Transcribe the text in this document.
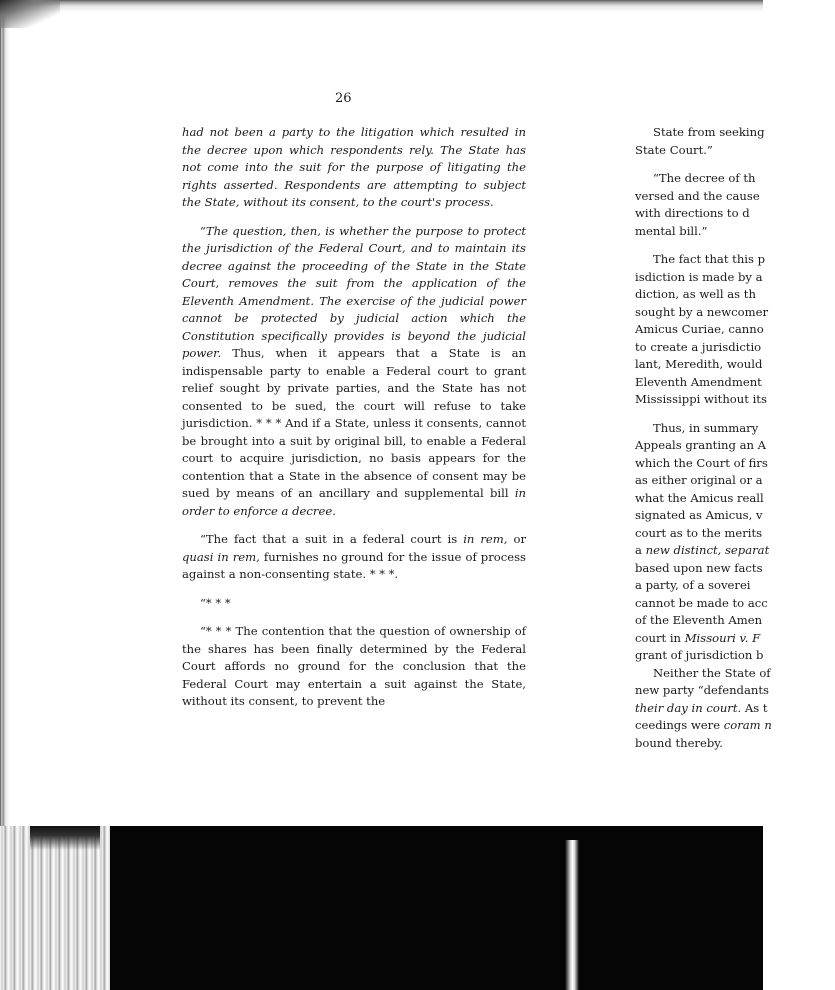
26

had not been a party to the litigation which resulted in the decree upon which respondents rely. The State has not come into the suit for the purpose of litigating the rights asserted. Respondents are attempting to subject the State, without its consent, to the court's process.

“The question, then, is whether the purpose to protect the jurisdiction of the Federal Court, and to maintain its decree against the proceeding of the State in the State Court, removes the suit from the application of the Eleventh Amendment. The exercise of the judicial power cannot be protected by judicial action which the Constitution specifically provides is beyond the judicial power. Thus, when it appears that a State is an indispensable party to enable a Federal court to grant relief sought by private parties, and the State has not consented to be sued, the court will refuse to take jurisdiction. * * * And if a State, unless it consents, cannot be brought into a suit by original bill, to enable a Federal court to acquire jurisdiction, no basis appears for the contention that a State in the absence of consent may be sued by means of an ancillary and supplemental bill in order to enforce a decree.

“The fact that a suit in a federal court is in rem, or quasi in rem, furnishes no ground for the issue of process against a non-consenting state. * * *.

“* * *

“* * * The contention that the question of ownership of the shares has been finally determined by the Federal Court affords no ground for the conclusion that the Federal Court may entertain a suit against the State, without its consent, to prevent the

State from seeking
State Court.”
“The decree of th
versed and the cause
with directions to d
mental bill.”
The fact that this p
isdiction is made by a
diction, as well as th
sought by a newcomer
Amicus Curiae, canno
to create a jurisdictio
lant, Meredith, would
Eleventh Amendment
Mississippi without its
Thus, in summary
Appeals granting an A
which the Court of firs
as either original or a
what the Amicus reall
signated as Amicus, v
court as to the merits
a new distinct, separat
based upon new facts
a party, of a soverei
cannot be made to acc
of the Eleventh Amen
court in Missouri v. F
grant of jurisdiction b
Neither the State of
new party “defendants
their day in court. As t
ceedings were coram n
bound thereby.
